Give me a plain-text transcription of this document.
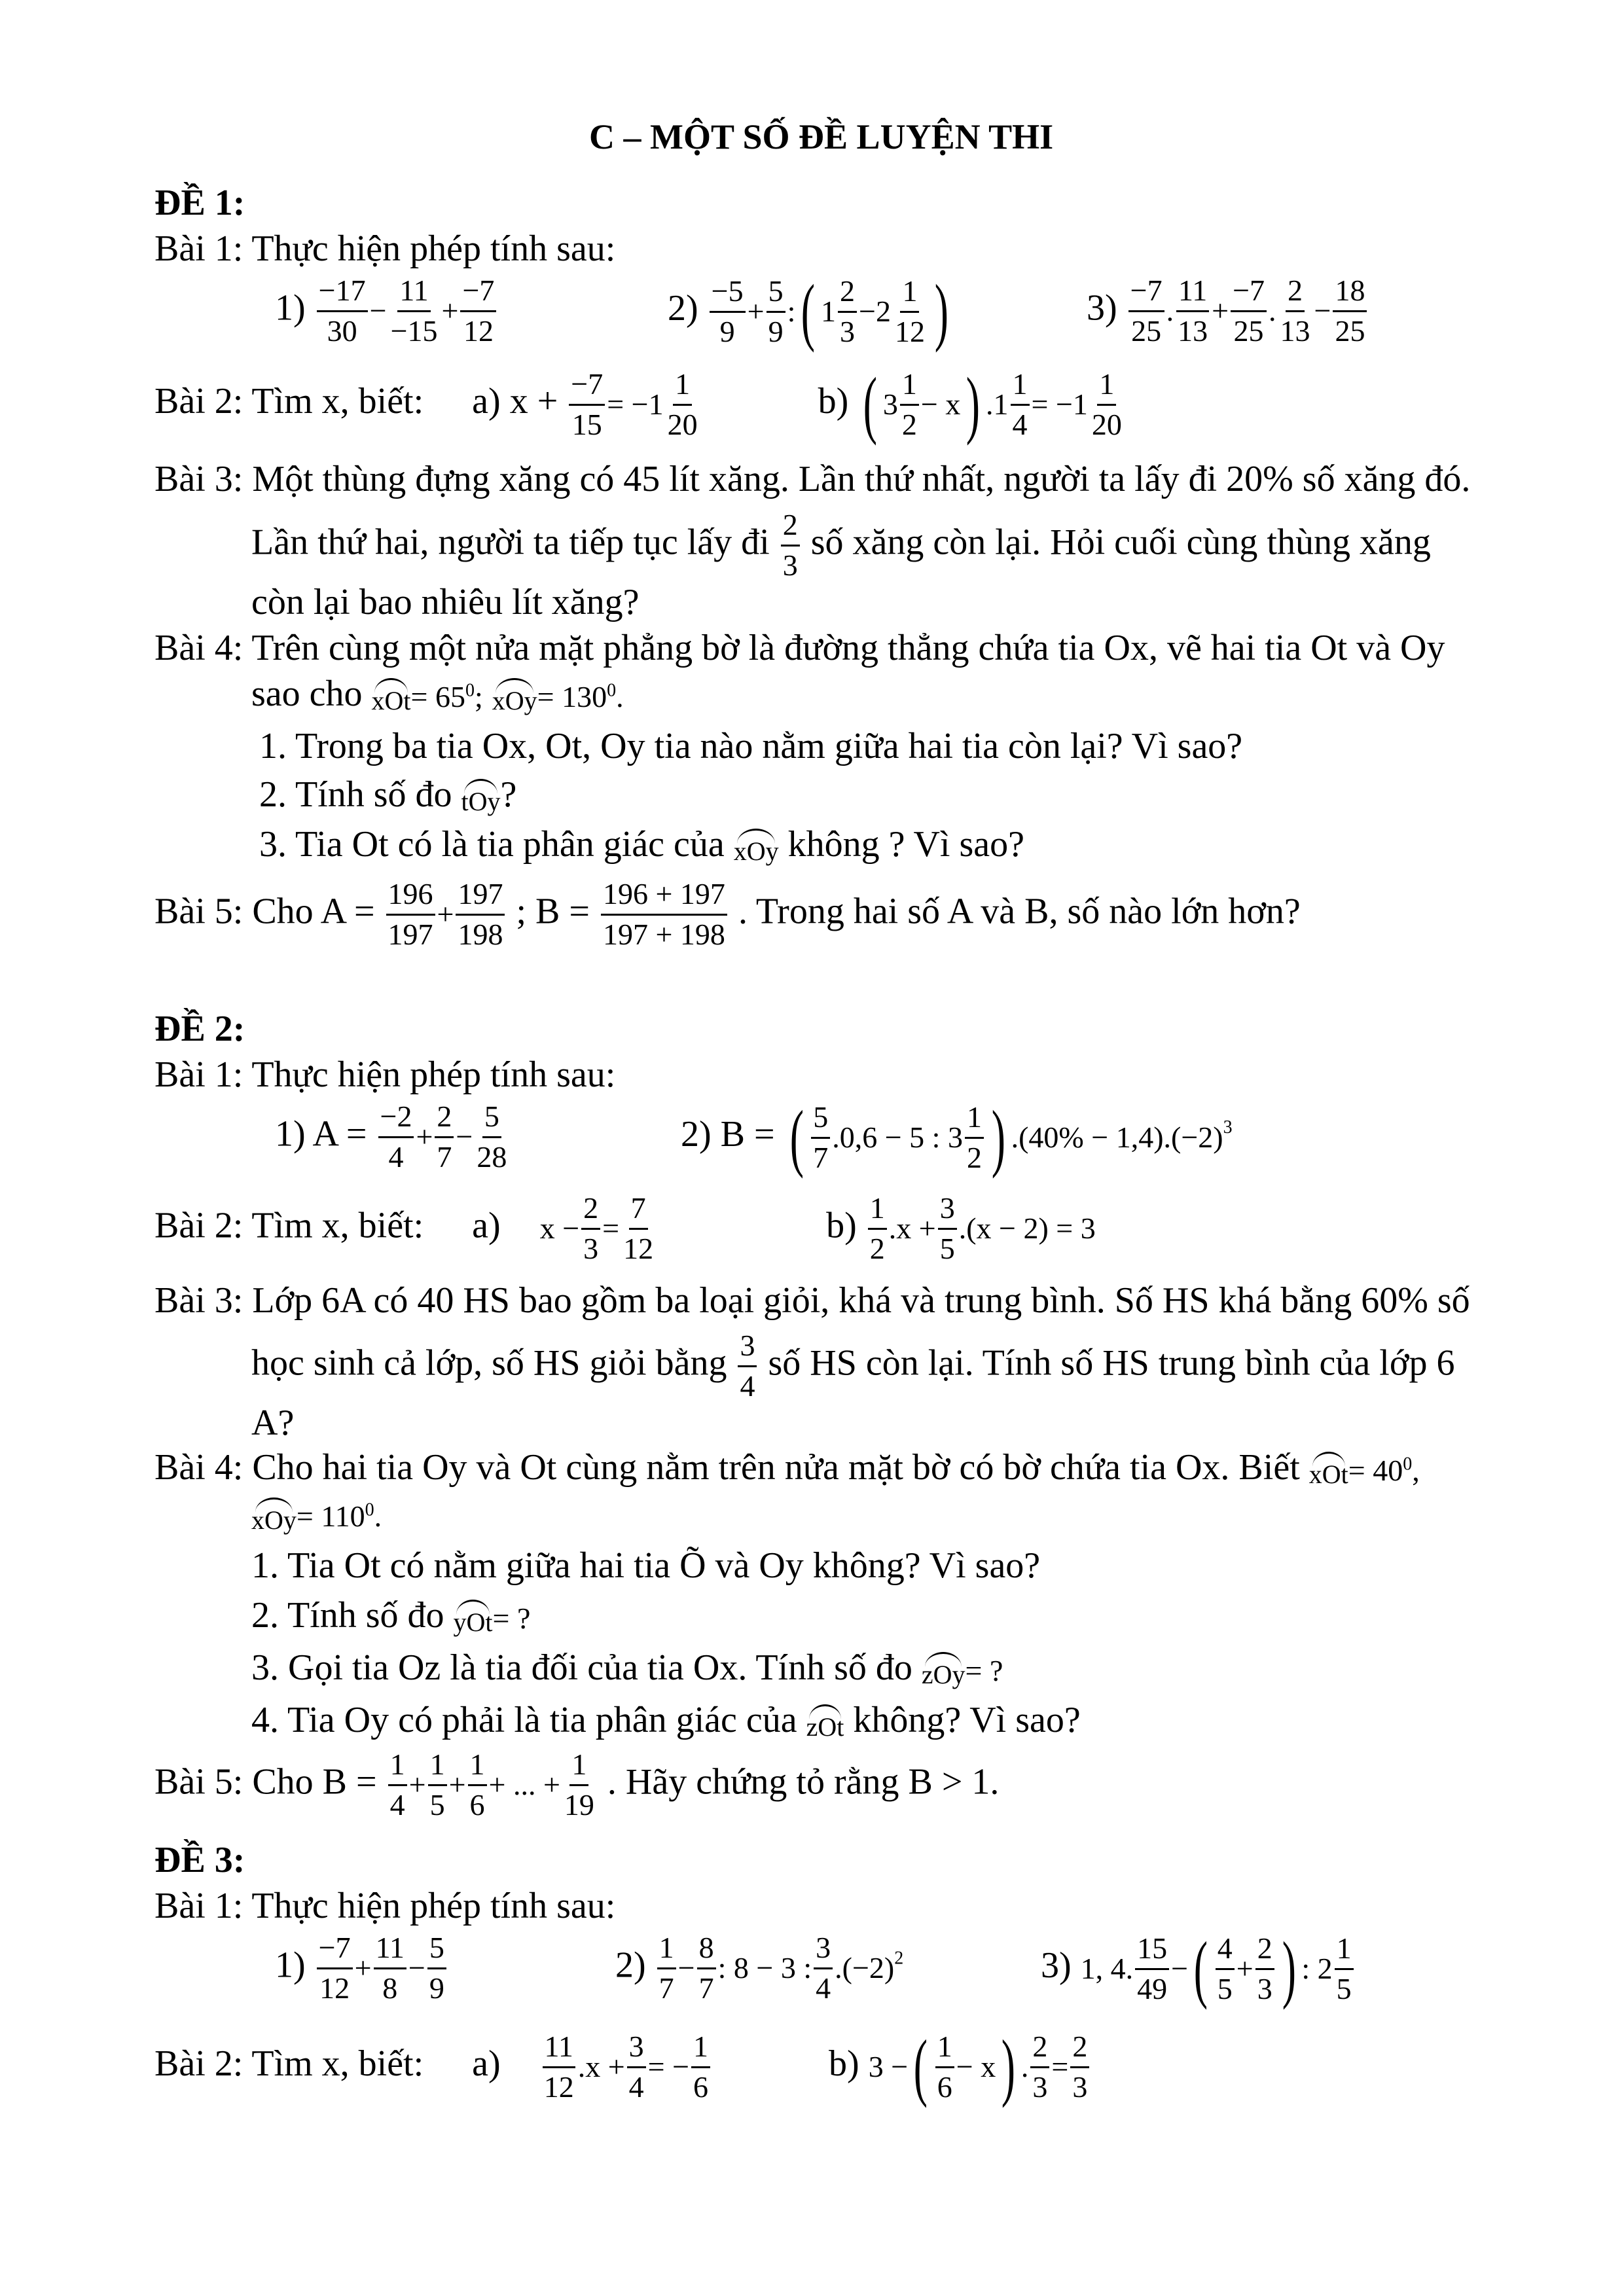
C – MỘT SỐ ĐỀ LUYỆN THI
ĐỀ 1:
Bài 1: Thực hiện phép tính sau:
$1) \frac{-17}{30} - \frac{11}{-15} + \frac{-7}{12}$	$2) \frac{-5}{9} + \frac{5}{9}$ :( $1 \frac{2}{3} -2 \frac{1}{12}$ )	$3) \frac{-7}{25}$ . $\frac{11}{13} + \frac{-7}{25}$ . $\frac{2}{13} - \frac{18}{25}$
Bài 2: Tìm x, biết: a) $x + \frac{-7}{15} = -1 \frac{1}{20}$	b) ( $3 \frac{1}{2} - x$) $.1 \frac{1}{4} = -1 \frac{1}{20}$
Bài 3: Một thùng đựng xăng có 45 lít xăng. Lần thứ nhất, người ta lấy đi 20% số xăng đó.
Lần thứ hai, người ta tiếp tục lấy đi $\frac{2}{3}$ số xăng còn lại. Hỏi cuối cùng thùng xăng
còn lại bao nhiêu lít xăng?
Bài 4: Trên cùng một nửa mặt phẳng bờ là đường thẳng chứa tia Ox, vẽ hai tia Ot và Oy
sao cho $xOt= 65^0$; $xOy= 130^0$.
1. Trong ba tia Ox, Ot, Oy tia nào nằm giữa hai tia còn lại? Vì sao?
2. Tính số đo tOy?
3. Tia Ot có là tia phân giác của xOy không ? Vì sao?
Bài 5: Cho $A = \frac{196}{197} + \frac{197}{198}$ ; $B = \frac{196 + 197}{197 + 198}$ . Trong hai số A và B, số nào lớn hơn?
ĐỀ 2:
Bài 1: Thực hiện phép tính sau:
1) $A = \frac{-2}{4} + \frac{2}{7} - \frac{5}{28}$	2) B = ( $\frac{5}{7} .0,6 - 5$ : $3 \frac{1}{2}$ ) $.(40\% - 1,4).(-2)^3$
Bài 2: Tìm x, biết: a) $x - \frac{2}{3} = \frac{7}{12}$	$b) \frac{1}{2} .x + \frac{3}{5} .(x - 2) = 3$
Bài 3: Lớp 6A có 40 HS bao gồm ba loại giỏi, khá và trung bình. Số HS khá bằng 60% số
học sinh cả lớp, số HS giỏi bằng $\frac{3}{4}$ số HS còn lại. Tính số HS trung bình của lớp 6
A?
Bài 4: Cho hai tia Oy và Ot cùng nằm trên nửa mặt bờ có bờ chứa tia Ox. Biết $xOt= 40^0$,
$xOy= 110^0$.
1. Tia Ot có nằm giữa hai tia Õ và Oy không? Vì sao?
2. Tính số đo yOt= ?
3. Gọi tia Oz là tia đối của tia Ox. Tính số đo zOy= ?
4. Tia Oy có phải là tia phân giác của zOt không? Vì sao?
Bài 5: Cho $B = \frac{1}{4} + \frac{1}{5} + \frac{1}{6}$ + ... + $\frac{1}{19}$ . Hãy chứng tỏ rằng B > 1.
ĐỀ 3:
Bài 1: Thực hiện phép tính sau:
$1) \frac{-7}{12} + \frac{11}{8} - \frac{5}{9}$	$2) \frac{1}{7} - \frac{8}{7}$ : 8 − 3 : $\frac{3}{4} .(-2)^2$	3) 1, 4. $\frac{15}{49}$ −( $\frac{4}{5} + \frac{2}{3}$ ) : $2 \frac{1}{5}$
Bài 2: Tìm x, biết: $a) \frac{11}{12} .x + \frac{3}{4}$ = − $\frac{1}{6}$	b) 3 −( $\frac{1}{6} - x$) . $\frac{2}{3} = \frac{2}{3}$
